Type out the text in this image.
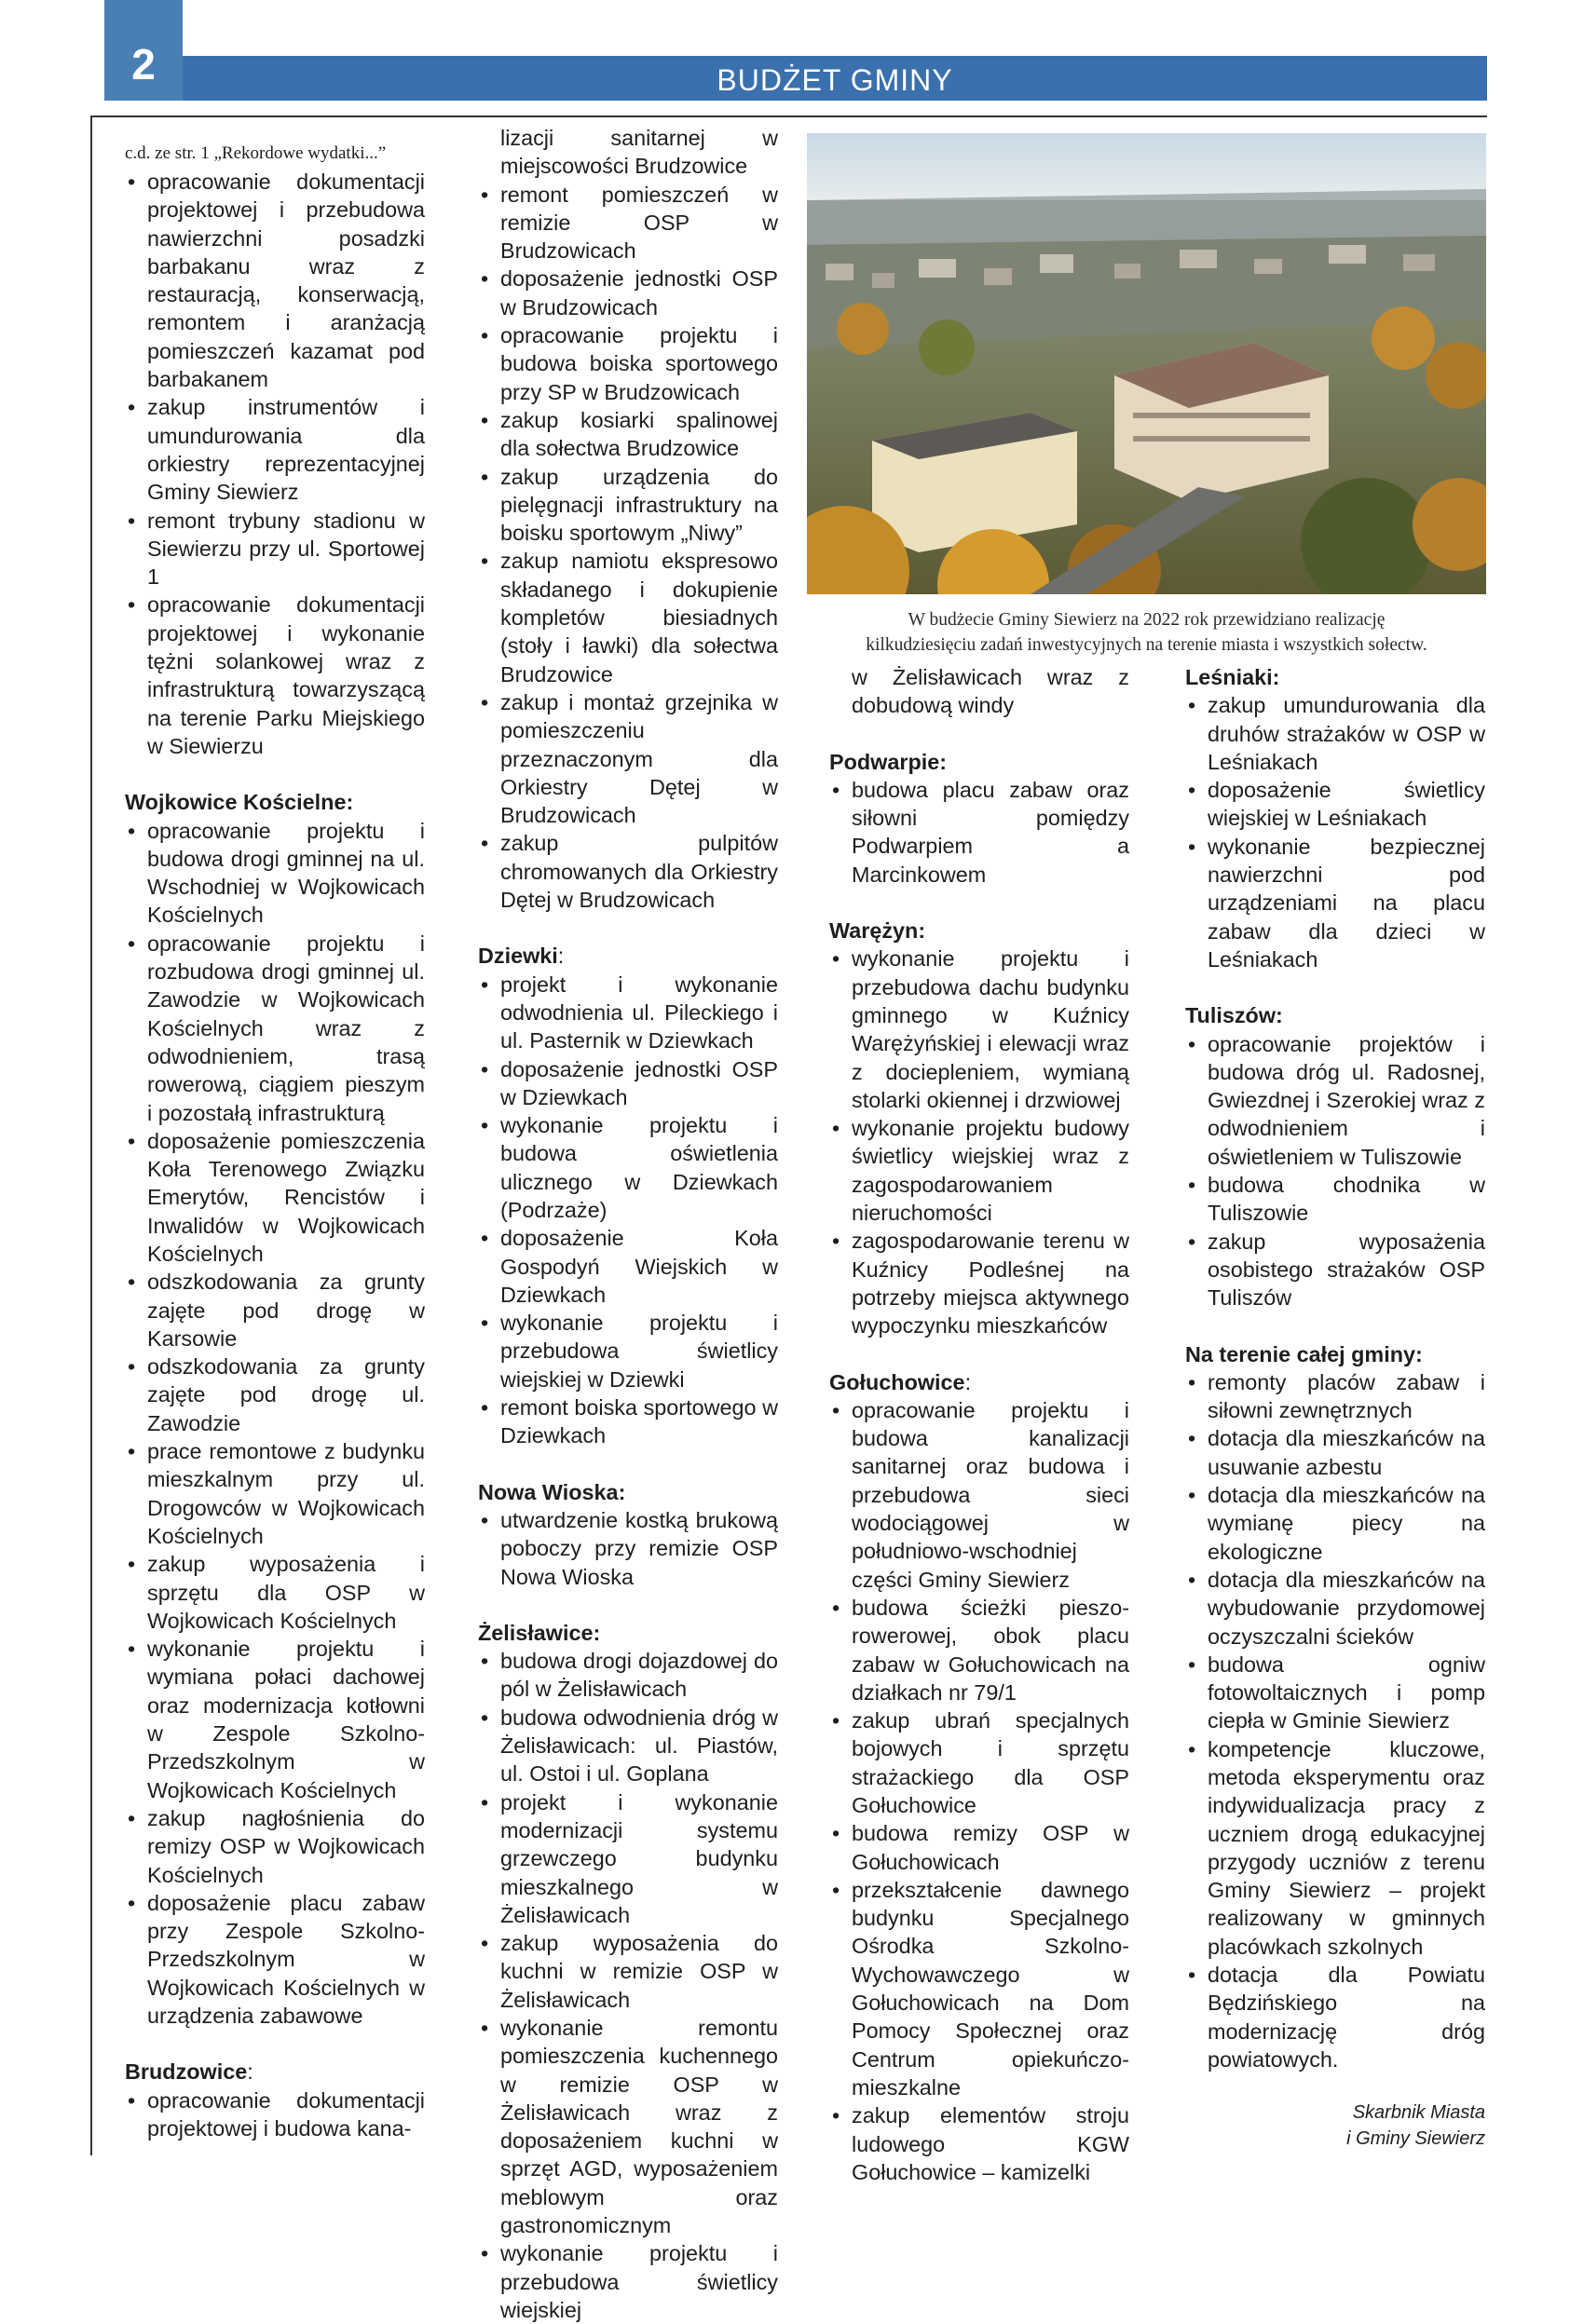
2	BUDŻET GMINY
c.d. ze str. 1 „Rekordowe wydatki...”
• opracowanie dokumentacji projektowej i przebudowa nawierzchni posadzki barbakanu wraz z restauracją, konserwacją, remontem i aranżacją pomieszczeń kazamat pod barbakanem
• zakup instrumentów i umundurowania dla orkiestry reprezentacyjnej Gminy Siewierz
• remont trybuny stadionu w Siewierzu przy ul. Sportowej 1
• opracowanie dokumentacji projektowej i wykonanie tężni solankowej wraz z infrastrukturą towarzyszącą na terenie Parku Miejskiego w Siewierzu
Wojkowice Kościelne:
• opracowanie projektu i budowa drogi gminnej na ul. Wschodniej w Wojkowicach Kościelnych
• opracowanie projektu i rozbudowa drogi gminnej ul. Zawodzie w Wojkowicach Kościelnych wraz z odwodnieniem, trasą rowerową, ciągiem pieszym i pozostałą infrastrukturą
• doposażenie pomieszczenia Koła Terenowego Związku Emerytów, Rencistów i Inwalidów w Wojkowicach Kościelnych
• odszkodowania za grunty zajęte pod drogę w Karsowie
• odszkodowania za grunty zajęte pod drogę ul. Zawodzie
• prace remontowe z budynku mieszkalnym przy ul. Drogowców w Wojkowicach Kościelnych
• zakup wyposażenia i sprzętu dla OSP w Wojkowicach Kościelnych
• wykonanie projektu i wymiana połaci dachowej oraz modernizacja kotłowni w Zespole Szkolno-Przedszkolnym w Wojkowicach Kościelnych
• zakup nagłośnienia do remizy OSP w Wojkowicach Kościelnych
• doposażenie placu zabaw przy Zespole Szkolno-Przedszkolnym w Wojkowicach Kościelnych w urządzenia zabawowe
Brudzowice:
• opracowanie dokumentacji projektowej i budowa kana-
lizacji sanitarnej w miejscowości Brudzowice
• remont pomieszczeń w remizie OSP w Brudzowicach
• doposażenie jednostki OSP w Brudzowicach
• opracowanie projektu i budowa boiska sportowego przy SP w Brudzowicach
• zakup kosiarki spalinowej dla sołectwa Brudzowice
• zakup urządzenia do pielęgnacji infrastruktury na boisku sportowym „Niwy”
• zakup namiotu ekspresowo składanego i dokupienie kompletów biesiadnych (stoły i ławki) dla sołectwa Brudzowice
• zakup i montaż grzejnika w pomieszczeniu przeznaczonym dla Orkiestry Dętej w Brudzowicach
• zakup pulpitów chromowanych dla Orkiestry Dętej w Brudzowicach
Dziewki:
• projekt i wykonanie odwodnienia ul. Pileckiego i ul. Pasternik w Dziewkach
• doposażenie jednostki OSP w Dziewkach
• wykonanie projektu i budowa oświetlenia ulicznego w Dziewkach (Podrzaże)
• doposażenie Koła Gospodyń Wiejskich w Dziewkach
• wykonanie projektu i przebudowa świetlicy wiejskiej w Dziewki
• remont boiska sportowego w Dziewkach
Nowa Wioska:
• utwardzenie kostką brukową poboczy przy remizie OSP Nowa Wioska
Żelisławice:
• budowa drogi dojazdowej do pól w Żelisławicach
• budowa odwodnienia dróg w Żelisławicach: ul. Piastów, ul. Ostoi i ul. Goplana
• projekt i wykonanie modernizacji systemu grzewczego budynku mieszkalnego w Żelisławicach
• zakup wyposażenia do kuchni w remizie OSP w Żelisławicach
• wykonanie remontu pomieszczenia kuchennego w remizie OSP w Żelisławicach wraz z doposażeniem kuchni w sprzęt AGD, wyposażeniem meblowym oraz gastronomicznym
• wykonanie projektu i przebudowa świetlicy wiejskiej
W budżecie Gminy Siewierz na 2022 rok przewidziano realizację
kilkudziesięciu zadań inwestycyjnych na terenie miasta i wszystkich sołectw.
w Żelisławicach wraz z dobudową windy
Podwarpie:
• budowa placu zabaw oraz siłowni pomiędzy Podwarpiem a Marcinkowem
Warężyn:
• wykonanie projektu i przebudowa dachu budynku gminnego w Kuźnicy Warężyńskiej i elewacji wraz z dociepleniem, wymianą stolarki okiennej i drzwiowej
• wykonanie projektu budowy świetlicy wiejskiej wraz z zagospodarowaniem nieruchomości
• zagospodarowanie terenu w Kuźnicy Podleśnej na potrzeby miejsca aktywnego wypoczynku mieszkańców
Gołuchowice:
• opracowanie projektu i budowa kanalizacji sanitarnej oraz budowa i przebudowa sieci wodociągowej w południowo-wschodniej części Gminy Siewierz
• budowa ścieżki pieszo-rowerowej, obok placu zabaw w Gołuchowicach na działkach nr 79/1
• zakup ubrań specjalnych bojowych i sprzętu strażackiego dla OSP Gołuchowice
• budowa remizy OSP w Gołuchowicach
• przekształcenie dawnego budynku Specjalnego Ośrodka Szkolno-Wychowawczego w Gołuchowicach na Dom Pomocy Społecznej oraz Centrum opiekuńczo-mieszkalne
• zakup elementów stroju ludowego KGW Gołuchowice – kamizelki
Leśniaki:
• zakup umundurowania dla druhów strażaków w OSP w Leśniakach
• doposażenie świetlicy wiejskiej w Leśniakach
• wykonanie bezpiecznej nawierzchni pod urządzeniami na placu zabaw dla dzieci w Leśniakach
Tuliszów:
• opracowanie projektów i budowa dróg ul. Radosnej, Gwiezdnej i Szerokiej wraz z odwodnieniem i oświetleniem w Tuliszowie
• budowa chodnika w Tuliszowie
• zakup wyposażenia osobistego strażaków OSP Tuliszów
Na terenie całej gminy:
• remonty placów zabaw i siłowni zewnętrznych
• dotacja dla mieszkańców na usuwanie azbestu
• dotacja dla mieszkańców na wymianę piecy na ekologiczne
• dotacja dla mieszkańców na wybudowanie przydomowej oczyszczalni ścieków
• budowa ogniw fotowoltaicznych i pomp ciepła w Gminie Siewierz
• kompetencje kluczowe, metoda eksperymentu oraz indywidualizacja pracy z uczniem drogą edukacyjnej przygody uczniów z terenu Gminy Siewierz – projekt realizowany w gminnych placówkach szkolnych
• dotacja dla Powiatu Będzińskiego na modernizację dróg powiatowych.
Skarbnik Miasta
i Gminy Siewierz
